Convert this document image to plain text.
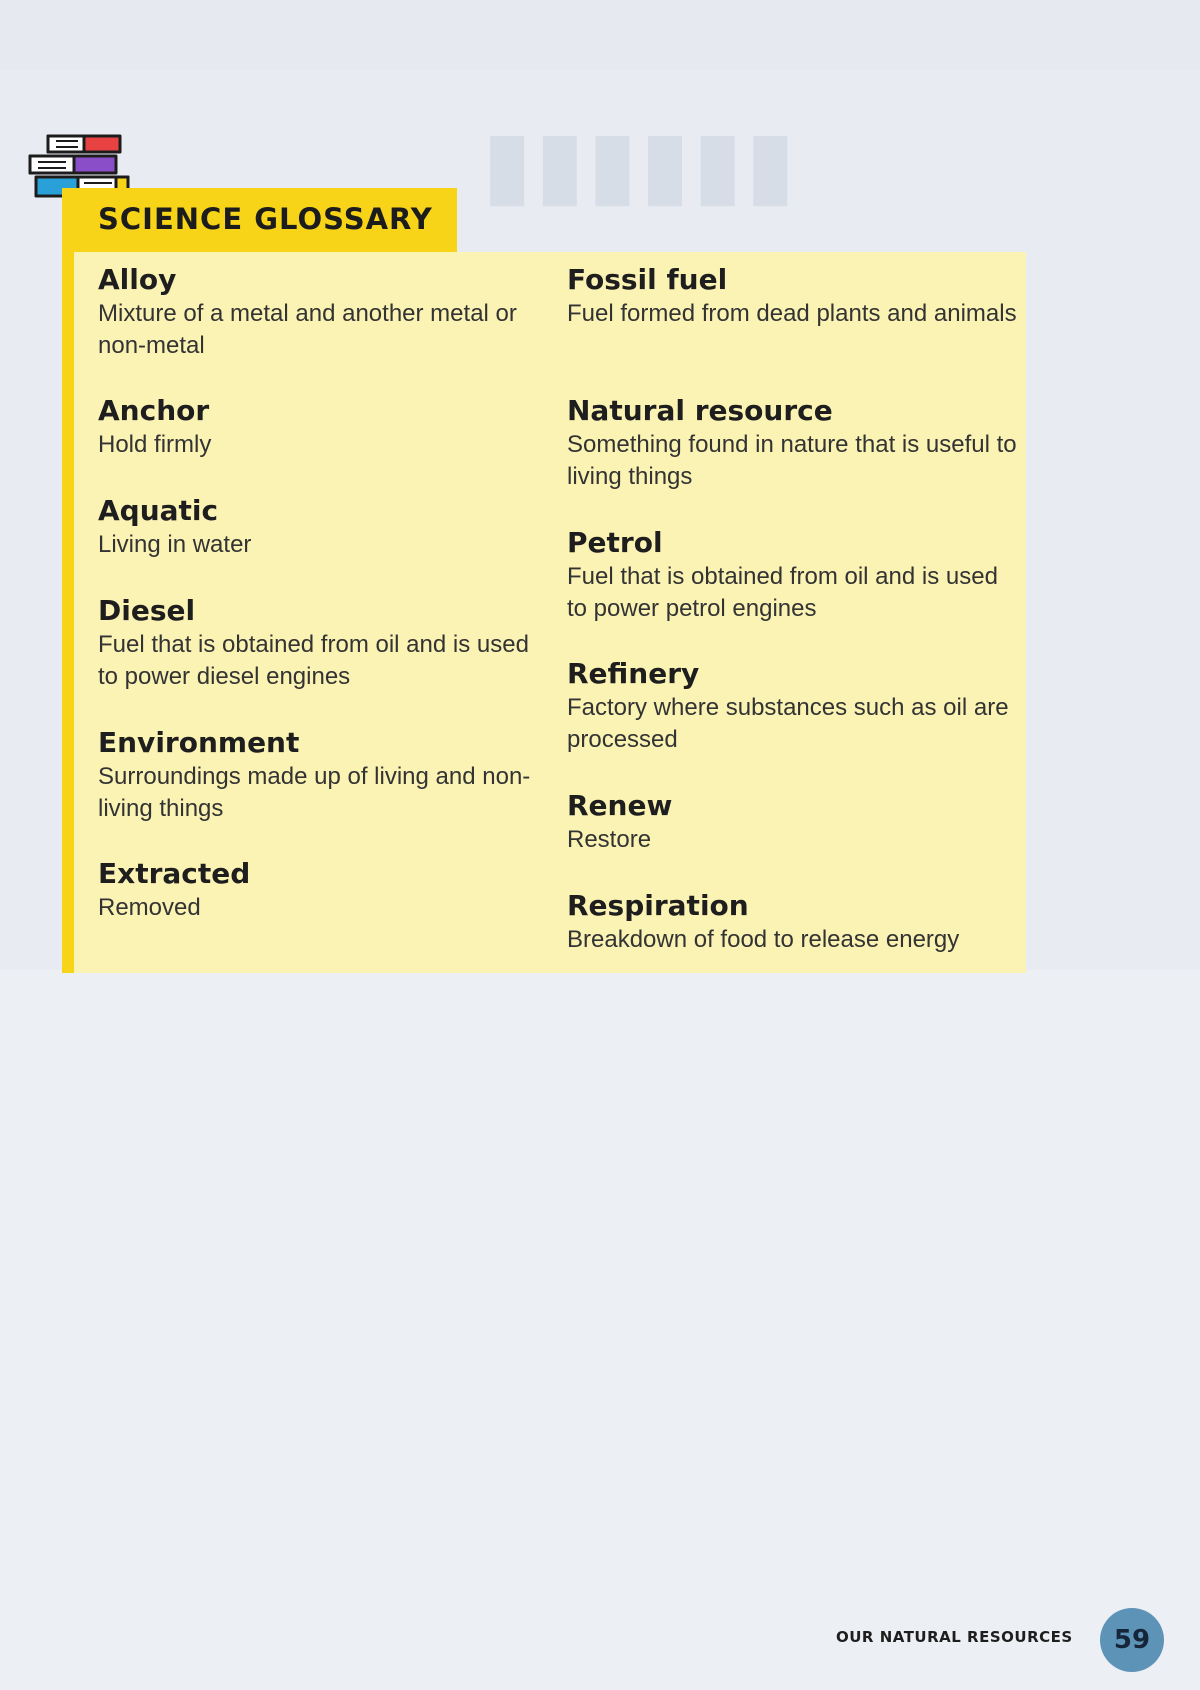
▮▮▮▮▮▮
SCIENCE GLOSSARY
Alloy
Mixture of a metal and another metal or non-metal
Anchor
Hold firmly
Aquatic
Living in water
Diesel
Fuel that is obtained from oil and is used to power diesel engines
Environment
Surroundings made up of living and non-living things
Extracted
Removed
Fossil fuel
Fuel formed from dead plants and animals
Natural resource
Something found in nature that is useful to living things
Petrol
Fuel that is obtained from oil and is used to power petrol engines
Refinery
Factory where substances such as oil are processed
Renew
Restore
Respiration
Breakdown of food to release energy
OUR NATURAL RESOURCES 59
